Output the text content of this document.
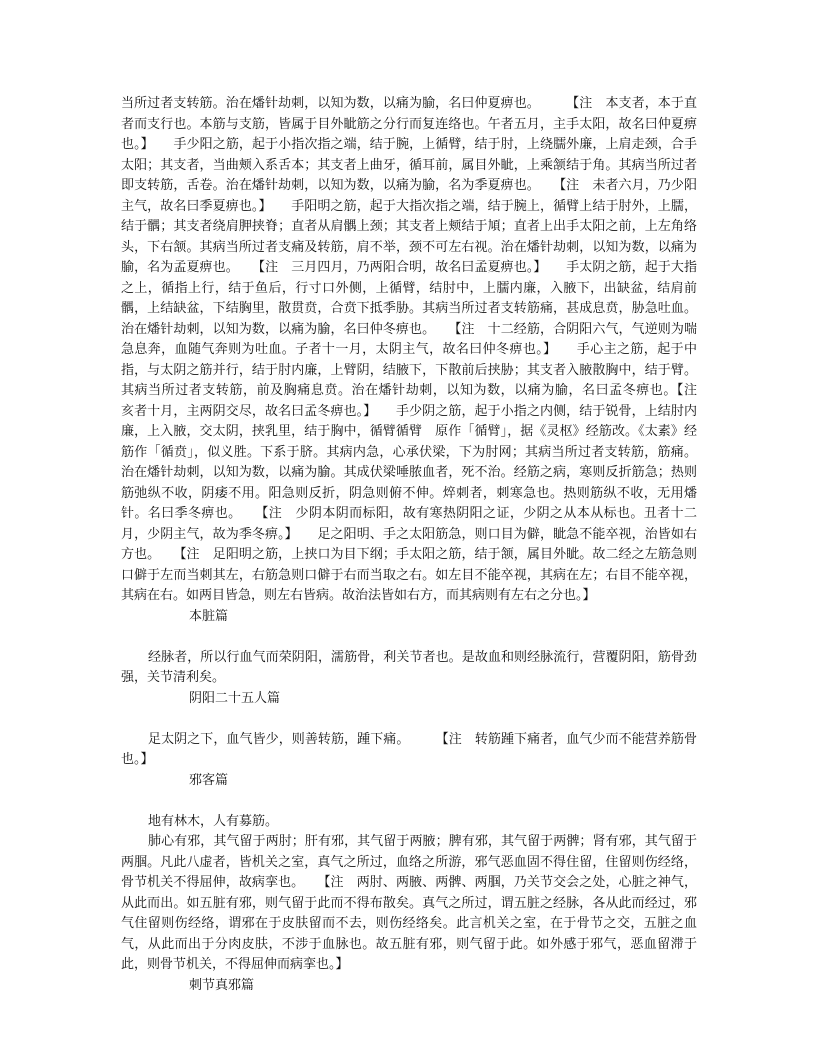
当所过者支转筋。治在燔针劫刺，以知为数，以痛为腧，名曰仲夏痹也。　　　【注　本支者，本于直者而支行也。本筋与支筋，皆属于目外眦筋之分行而复连络也。午者五月，主手太阳，故名曰仲夏痹也。】　　手少阳之筋，起于小指次指之端，结于腕，上循臂，结于肘，上绕臑外廉，上肩走颈，合手太阳；其支者，当曲颊入系舌本；其支者上曲牙，循耳前，属目外眦，上乘颔结于角。其病当所过者即支转筋，舌卷。治在燔针劫刺，以知为数，以痛为腧，名为季夏痹也。　　【注　未者六月，乃少阳主气，故名曰季夏痹也。】　　手阳明之筋，起于大指次指之端，结于腕上，循臂上结于肘外，上臑，结于髃；其支者绕肩胛挟脊；直者从肩髃上颈；其支者上颊结于頄；直者上出手太阳之前，上左角络头，下右颔。其病当所过者支痛及转筋，肩不举，颈不可左右视。治在燔针劫刺，以知为数，以痛为腧，名为孟夏痹也。　　【注　三月四月，乃两阳合明，故名曰孟夏痹也。】　　手太阴之筋，起于大指之上，循指上行，结于鱼后，行寸口外侧，上循臂，结肘中，上臑内廉，入腋下，出缺盆，结肩前髃，上结缺盆，下结胸里，散贯贲，合贲下抵季胁。其病当所过者支转筋痛，甚成息贲，胁急吐血。治在燔针劫刺，以知为数，以痛为腧，名曰仲冬痹也。　　【注　十二经筋，合阴阳六气，气逆则为喘急息奔，血随气奔则为吐血。子者十一月，太阴主气，故名曰仲冬痹也。】　　手心主之筋，起于中指，与太阴之筋并行，结于肘内廉，上臂阴，结腋下，下散前后挟胁；其支者入腋散胸中，结于臂。其病当所过者支转筋，前及胸痛息贲。治在燔针劫刺，以知为数，以痛为腧，名曰孟冬痹也。【注　亥者十月，主两阴交尽，故名曰孟冬痹也。】　　手少阴之筋，起于小指之内侧，结于锐骨，上结肘内廉，上入腋，交太阴，挟乳里，结于胸中，循臂循臂　原作「循臂」，据《灵枢》经筋改。《太素》经筋作「循贲」，似义胜。下系于脐。其病内急，心承伏梁，下为肘网；其病当所过者支转筋，筋痛。治在燔针劫刺，以知为数，以痛为腧。其成伏梁唾脓血者，死不治。经筋之病，寒则反折筋急；热则筋弛纵不收，阴痿不用。阳急则反折，阴急则俯不伸。焠刺者，刺寒急也。热则筋纵不收，无用燔针。名曰季冬痹也。　　【注　少阴本阴而标阳，故有寒热阴阳之证，少阴之从本从标也。丑者十二月，少阴主气，故为季冬痹。】　　足之阳明、手之太阳筋急，则口目为僻，眦急不能卒视，治皆如右方也。　　【注　足阳明之筋，上挟口为目下纲；手太阳之筋，结于颔，属目外眦。故二经之左筋急则口僻于左而当刺其左，右筋急则口僻于右而当取之右。如左目不能卒视，其病在左；右目不能卒视，其病在右。如两目皆急，则左右皆病。故治法皆如右方，而其病则有左右之分也。】

本脏篇

经脉者，所以行血气而荣阴阳，濡筋骨，利关节者也。是故血和则经脉流行，营覆阴阳，筋骨劲强，关节清利矣。

阴阳二十五人篇

足太阴之下，血气皆少，则善转筋，踵下痛。　　　【注　转筋踵下痛者，血气少而不能营养筋骨也。】

邪客篇

地有林木，人有募筋。

肺心有邪，其气留于两肘；肝有邪，其气留于两腋；脾有邪，其气留于两髀；肾有邪，其气留于两腘。凡此八虚者，皆机关之室，真气之所过，血络之所游，邪气恶血固不得住留，住留则伤经络，骨节机关不得屈伸，故病挛也。　　【注　两肘、两腋、两髀、两腘，乃关节交会之处，心脏之神气，从此而出。如五脏有邪，则气留于此而不得布散矣。真气之所过，谓五脏之经脉，各从此而经过，邪气住留则伤经络，谓邪在于皮肤留而不去，则伤经络矣。此言机关之室，在于骨节之交，五脏之血气，从此而出于分肉皮肤，不涉于血脉也。故五脏有邪，则气留于此。如外感于邪气，恶血留滞于此，则骨节机关，不得屈伸而病挛也。】

刺节真邪篇
